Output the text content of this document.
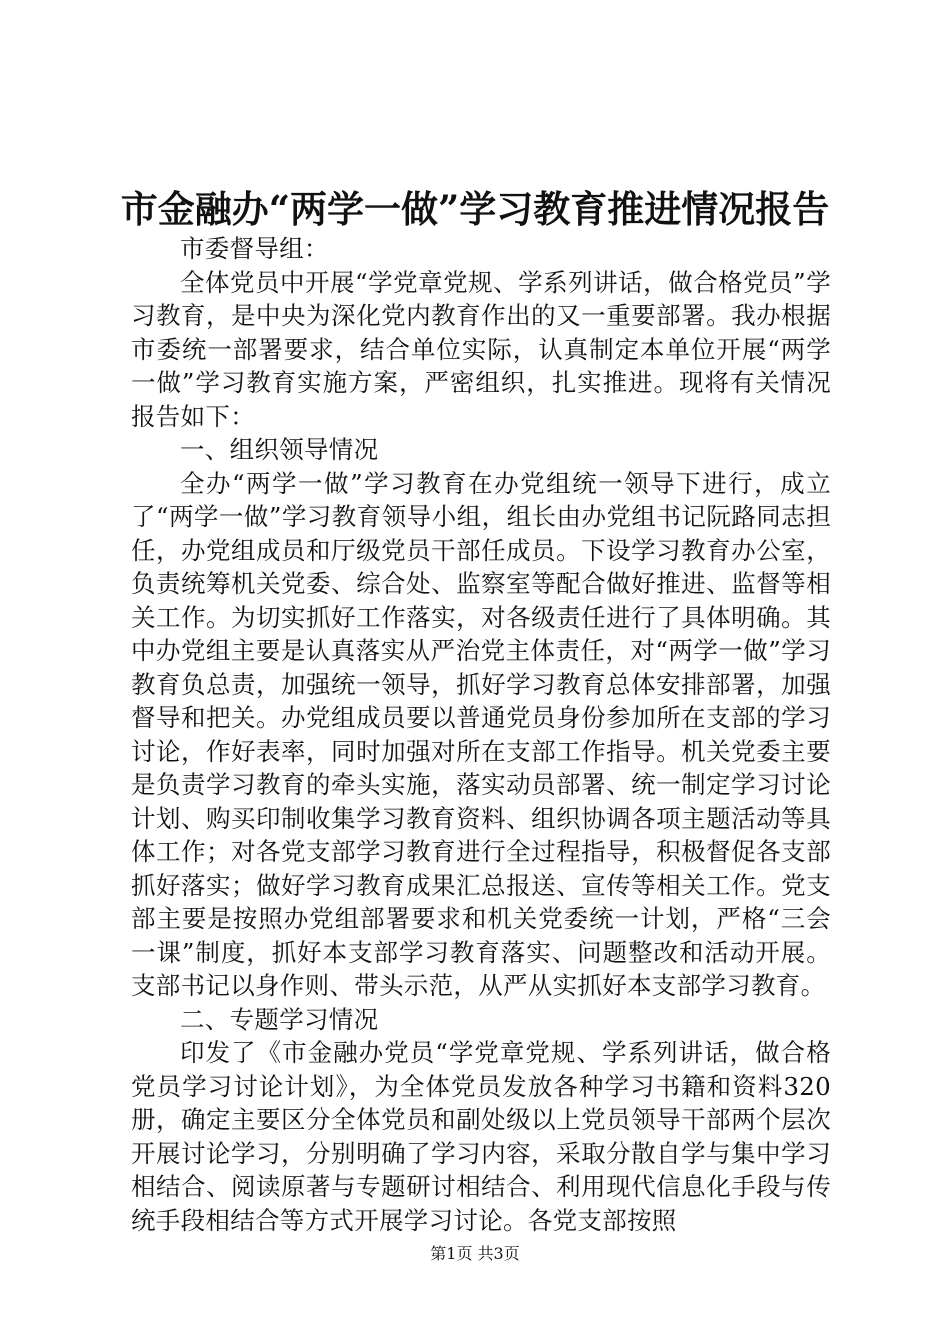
市金融办“两学一做”学习教育推进情况报告

市委督导组：

全体党员中开展“学党章党规、学系列讲话，做合格党员”学习教育，是中央为深化党内教育作出的又一重要部署。我办根据市委统一部署要求，结合单位实际，认真制定本单位开展“两学一做”学习教育实施方案，严密组织，扎实推进。现将有关情况报告如下：

一、组织领导情况

全办“两学一做”学习教育在办党组统一领导下进行，成立了“两学一做”学习教育领导小组，组长由办党组书记阮路同志担任，办党组成员和厅级党员干部任成员。下设学习教育办公室，负责统筹机关党委、综合处、监察室等配合做好推进、监督等相关工作。为切实抓好工作落实，对各级责任进行了具体明确。其中办党组主要是认真落实从严治党主体责任，对“两学一做”学习教育负总责，加强统一领导，抓好学习教育总体安排部署，加强督导和把关。办党组成员要以普通党员身份参加所在支部的学习讨论，作好表率，同时加强对所在支部工作指导。机关党委主要是负责学习教育的牵头实施，落实动员部署、统一制定学习讨论计划、购买印制收集学习教育资料、组织协调各项主题活动等具体工作；对各党支部学习教育进行全过程指导，积极督促各支部抓好落实；做好学习教育成果汇总报送、宣传等相关工作。党支部主要是按照办党组部署要求和机关党委统一计划，严格“三会一课”制度，抓好本支部学习教育落实、问题整改和活动开展。支部书记以身作则、带头示范，从严从实抓好本支部学习教育。

二、专题学习情况

印发了《市金融办党员“学党章党规、学系列讲话，做合格党员学习讨论计划》，为全体党员发放各种学习书籍和资料320册，确定主要区分全体党员和副处级以上党员领导干部两个层次开展讨论学习，分别明确了学习内容，采取分散自学与集中学习相结合、阅读原著与专题研讨相结合、利用现代信息化手段与传统手段相结合等方式开展学习讨论。各党支部按照

第1页 共3页
